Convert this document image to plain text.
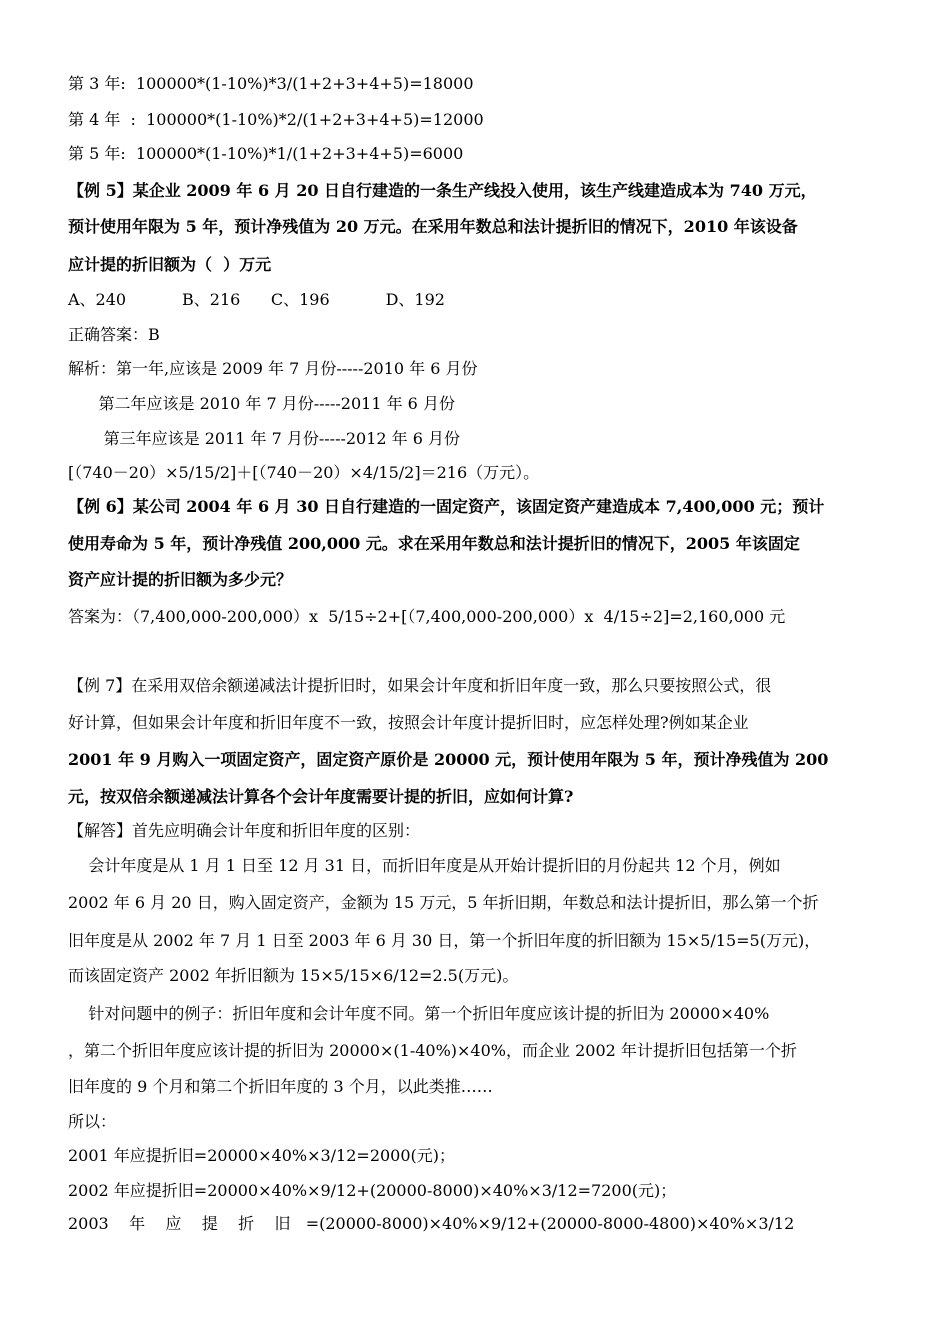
第 3 年:  100000*(1-10%)*3/(1+2+3+4+5)=18000
第 4 年  :  100000*(1-10%)*2/(1+2+3+4+5)=12000
第 5 年:  100000*(1-10%)*1/(1+2+3+4+5)=6000
【例 5】某企业 2009 年 6 月 20 日自行建造的一条生产线投入使用，该生产线建造成本为 740 万元，
预计使用年限为 5 年，预计净残值为 20 万元。在采用年数总和法计提折旧的情况下，2010 年该设备
应计提的折旧额为（  ）万元
A、240           B、216      C、196           D、192
正确答案：B
解析：第一年,应该是 2009 年 7 月份-----2010 年 6 月份
第二年应该是 2010 年 7 月份-----2011 年 6 月份
第三年应该是 2011 年 7 月份-----2012 年 6 月份
[（740－20）×5/15/2]＋[（740－20）×4/15/2]＝216（万元）。
【例 6】某公司 2004 年 6 月 30 日自行建造的一固定资产，该固定资产建造成本 7,400,000 元；预计
使用寿命为 5 年，预计净残值 200,000 元。求在采用年数总和法计提折旧的情况下，2005 年该固定
资产应计提的折旧额为多少元？
答案为：（7,400,000-200,000）x  5/15÷2+[（7,400,000-200,000）x  4/15÷2]=2,160,000 元
【例 7】在采用双倍余额递减法计提折旧时，如果会计年度和折旧年度一致，那么只要按照公式，很
好计算，但如果会计年度和折旧年度不一致，按照会计年度计提折旧时，应怎样处理?例如某企业
2001 年 9 月购入一项固定资产，固定资产原价是 20000 元，预计使用年限为 5 年，预计净残值为 200
元，按双倍余额递减法计算各个会计年度需要计提的折旧，应如何计算?
【解答】首先应明确会计年度和折旧年度的区别：
会计年度是从 1 月 1 日至 12 月 31 日，而折旧年度是从开始计提折旧的月份起共 12 个月，例如
2002 年 6 月 20 日，购入固定资产，金额为 15 万元，5 年折旧期，年数总和法计提折旧，那么第一个折
旧年度是从 2002 年 7 月 1 日至 2003 年 6 月 30 日，第一个折旧年度的折旧额为 15×5/15=5(万元)，
而该固定资产 2002 年折旧额为 15×5/15×6/12=2.5(万元)。
针对问题中的例子：折旧年度和会计年度不同。第一个折旧年度应该计提的折旧为 20000×40%
，第二个折旧年度应该计提的折旧为 20000×(1-40%)×40%，而企业 2002 年计提折旧包括第一个折
旧年度的 9 个月和第二个折旧年度的 3 个月，以此类推……
所以：
2001 年应提折旧=20000×40%×3/12=2000(元)；
2002 年应提折旧=20000×40%×9/12+(20000-8000)×40%×3/12=7200(元)；
2003    年    应    提    折    旧   =(20000-8000)×40%×9/12+(20000-8000-4800)×40%×3/12
